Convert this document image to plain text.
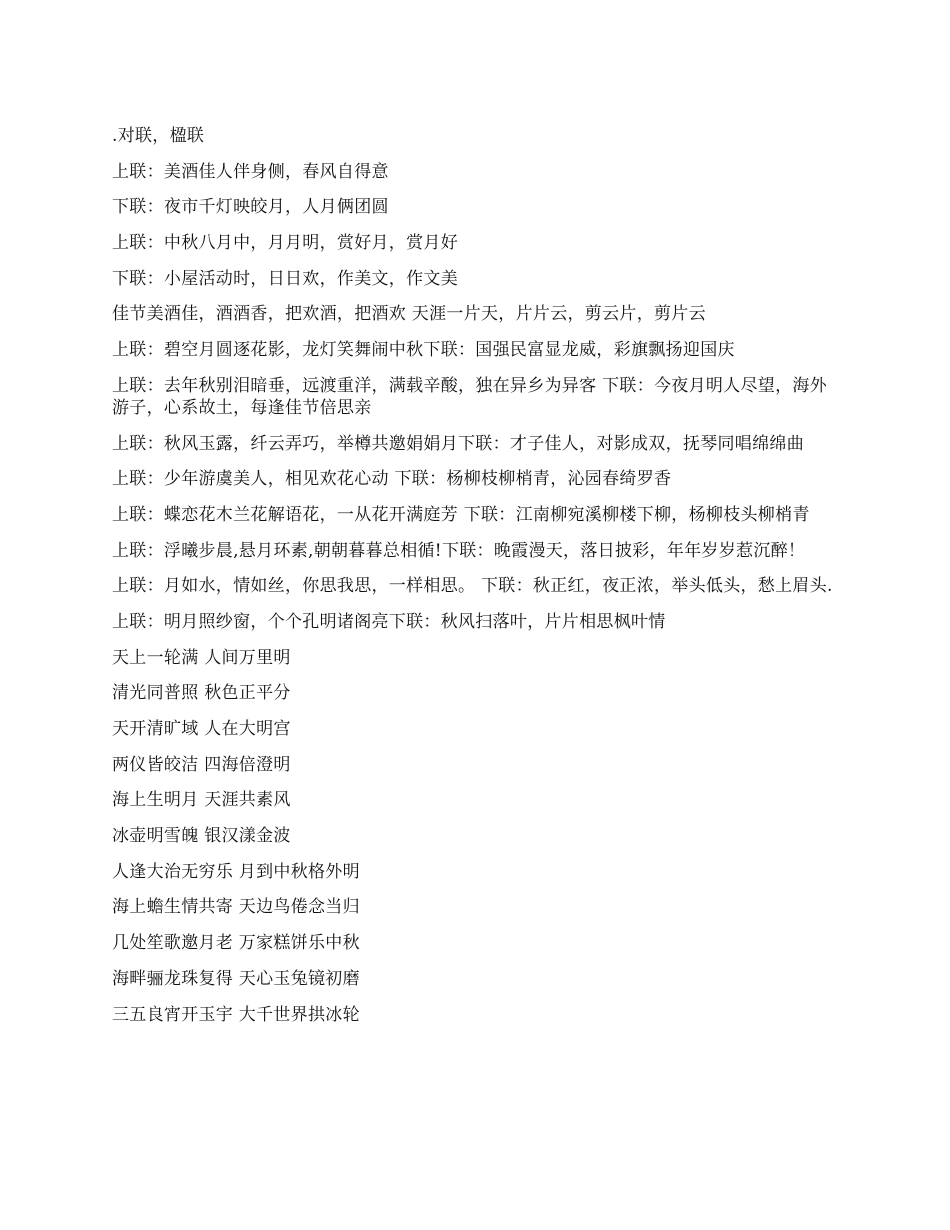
.对联，楹联

上联：美酒佳人伴身侧，春风自得意

下联：夜市千灯映皎月，人月俩团圆

上联：中秋八月中，月月明，赏好月，赏月好

下联：小屋活动时，日日欢，作美文，作文美

佳节美酒佳，酒酒香，把欢酒，把酒欢 天涯一片天，片片云，剪云片，剪片云

上联：碧空月圆逐花影，龙灯笑舞闹中秋下联：国强民富显龙威，彩旗飘扬迎国庆

上联：去年秋别泪暗垂，远渡重洋，满载辛酸，独在异乡为异客 下联：今夜月明人尽望，海外游子，心系故土，每逢佳节倍思亲

上联：秋风玉露，纤云弄巧，举樽共邀娟娟月下联：才子佳人，对影成双，抚琴同唱绵绵曲

上联：少年游虞美人，相见欢花心动 下联：杨柳枝柳梢青，沁园春绮罗香

上联：蝶恋花木兰花解语花，一从花开满庭芳 下联：江南柳宛溪柳楼下柳，杨柳枝头柳梢青

上联：浮曦步晨,悬月环素,朝朝暮暮总相循!下联：晚霞漫天，落日披彩，年年岁岁惹沉醉！

上联：月如水，情如丝，你思我思，一样相思。 下联：秋正红，夜正浓，举头低头，愁上眉头.

上联：明月照纱窗，个个孔明诸阁亮下联：秋风扫落叶，片片相思枫叶情

天上一轮满 人间万里明

清光同普照 秋色正平分

天开清旷域 人在大明宫

两仪皆皎洁 四海倍澄明

海上生明月 天涯共素风

冰壶明雪魄 银汉漾金波

人逢大治无穷乐 月到中秋格外明

海上蟾生情共寄 天边鸟倦念当归

几处笙歌邀月老 万家糕饼乐中秋

海畔骊龙珠复得 天心玉兔镜初磨

三五良宵开玉宇 大千世界拱冰轮
